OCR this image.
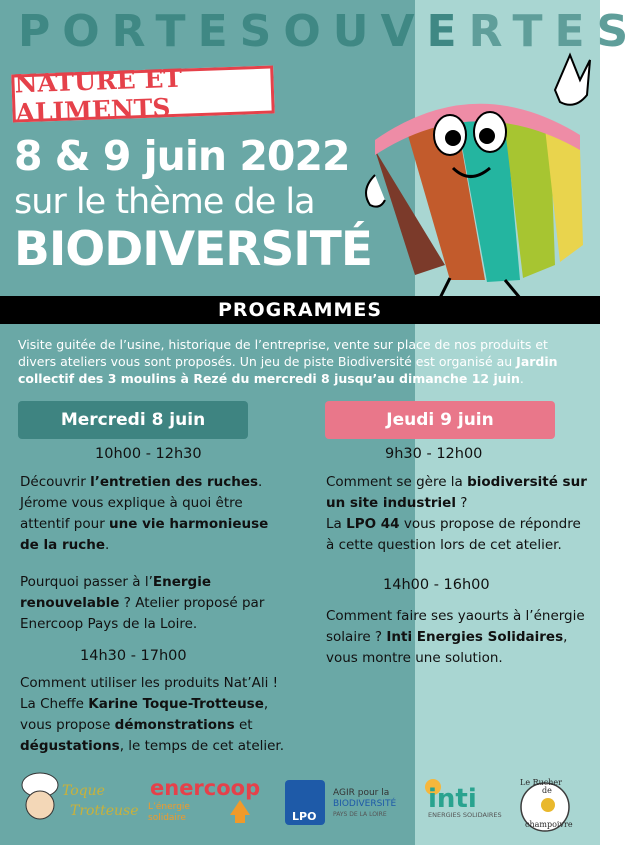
PORTESOUVERTES
NATURE ET ALIMENTS
8 & 9 juin 2022
sur le thème de la
BIODIVERSITÉ
PROGRAMMES
Visite guitée de l’usine, historique de l’entreprise, vente sur place de nos produits et divers ateliers vous sont proposés. Un jeu de piste Biodiversité est organisé au Jardin collectif des 3 moulins à Rezé du mercredi 8 jusqu’au dimanche 12 juin.
Mercredi 8 juin	Jeudi 9 juin
10h00 - 12h30
Découvrir l’entretien des ruches. Jérome vous explique à quoi être attentif pour une vie harmonieuse de la ruche.
Pourquoi passer à l’Energie renouvelable ? Atelier proposé par Enercoop Pays de la Loire.
14h30 - 17h00
Comment utiliser les produits Nat’Ali ! La Cheffe Karine Toque-Trotteuse, vous propose démonstrations et dégustations, le temps de cet atelier.
9h30 - 12h00
Comment se gère la biodiversité sur un site industriel ?
La LPO 44 vous propose de répondre à cette question lors de cet atelier.
14h00 - 16h00
Comment faire ses yaourts à l’énergie solaire ? Inti Energies Solidaires, vous montre une solution.
Toque
Trotteuse
enercoop
L’énergie
solidaire	LPO
AGIR pour la
BIODIVERSITÉ
PAYS DE LA LOIRE
inti
ENERGIES SOLIDAIRES
Le Rucher
de
champoivre
